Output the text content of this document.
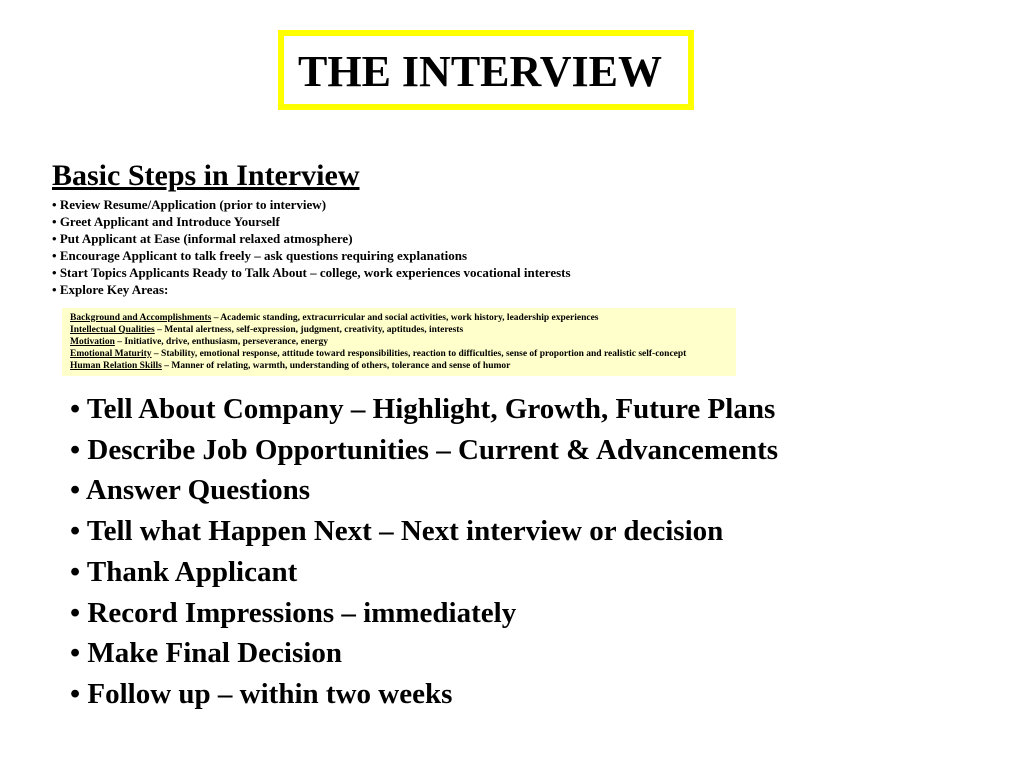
THE INTERVIEW
Basic Steps in Interview
• Review Resume/Application (prior to interview)
• Greet Applicant and Introduce Yourself
• Put Applicant at Ease (informal relaxed atmosphere)
• Encourage Applicant to talk freely – ask questions requiring explanations
• Start Topics Applicants Ready to Talk About – college, work experiences vocational interests
• Explore Key Areas:
Background and Accomplishments – Academic standing, extracurricular and social activities, work history, leadership experiences
Intellectual Qualities – Mental alertness, self-expression, judgment, creativity, aptitudes, interests
Motivation – Initiative, drive, enthusiasm, perseverance, energy
Emotional Maturity – Stability, emotional response, attitude toward responsibilities, reaction to difficulties, sense of proportion and realistic self-concept
Human Relation Skills – Manner of relating, warmth, understanding of others, tolerance and sense of humor
• Tell About Company – Highlight, Growth, Future Plans
• Describe Job Opportunities – Current & Advancements
• Answer Questions
• Tell what Happen Next – Next interview or decision
• Thank Applicant
• Record Impressions – immediately
• Make Final Decision
• Follow up – within two weeks
